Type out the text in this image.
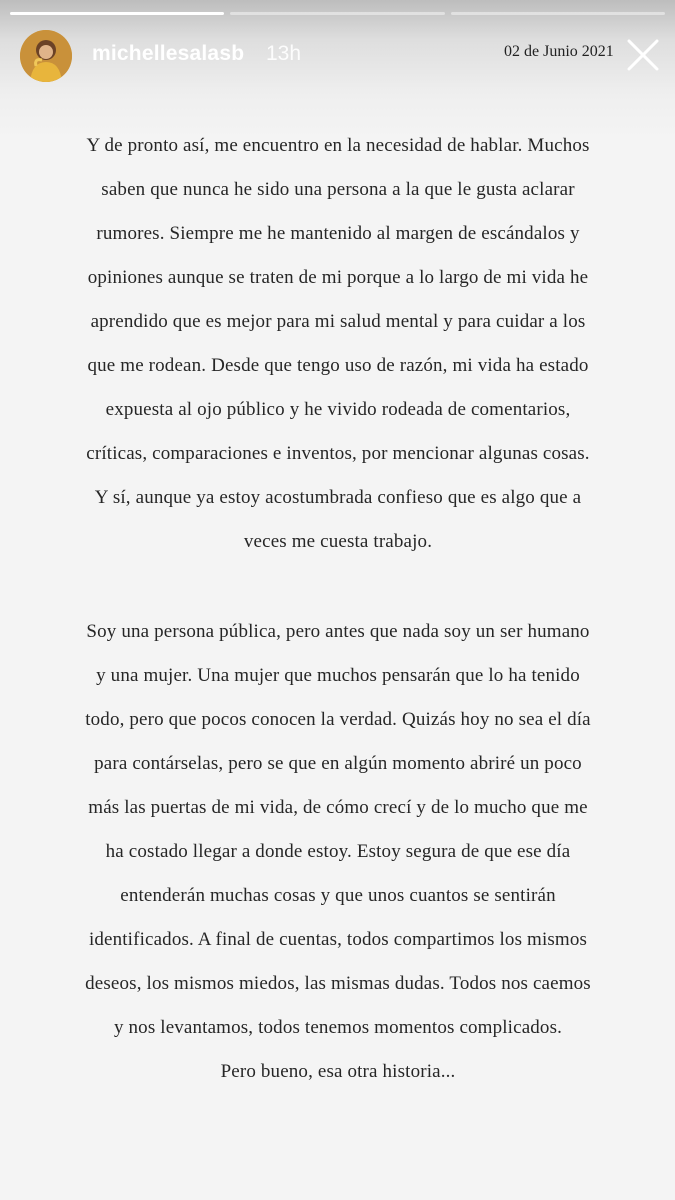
michellesalasb 13h	02 de Junio 2021
Y de pronto así, me encuentro en la necesidad de hablar. Muchos
saben que nunca he sido una persona a la que le gusta aclarar
rumores. Siempre me he mantenido al margen de escándalos y
opiniones aunque se traten de mi porque a lo largo de mi vida he
aprendido que es mejor para mi salud mental y para cuidar a los
que me rodean. Desde que tengo uso de razón, mi vida ha estado
expuesta al ojo público y he vivido rodeada de comentarios,
críticas, comparaciones e inventos, por mencionar algunas cosas.
Y sí, aunque ya estoy acostumbrada confieso que es algo que a
veces me cuesta trabajo.
Soy una persona pública, pero antes que nada soy un ser humano
y una mujer. Una mujer que muchos pensarán que lo ha tenido
todo, pero que pocos conocen la verdad. Quizás hoy no sea el día
para contárselas, pero se que en algún momento abriré un poco
más las puertas de mi vida, de cómo crecí y de lo mucho que me
ha costado llegar a donde estoy. Estoy segura de que ese día
entenderán muchas cosas y que unos cuantos se sentirán
identificados. A final de cuentas, todos compartimos los mismos
deseos, los mismos miedos, las mismas dudas. Todos nos caemos
y nos levantamos, todos tenemos momentos complicados.
Pero bueno, esa otra historia...
